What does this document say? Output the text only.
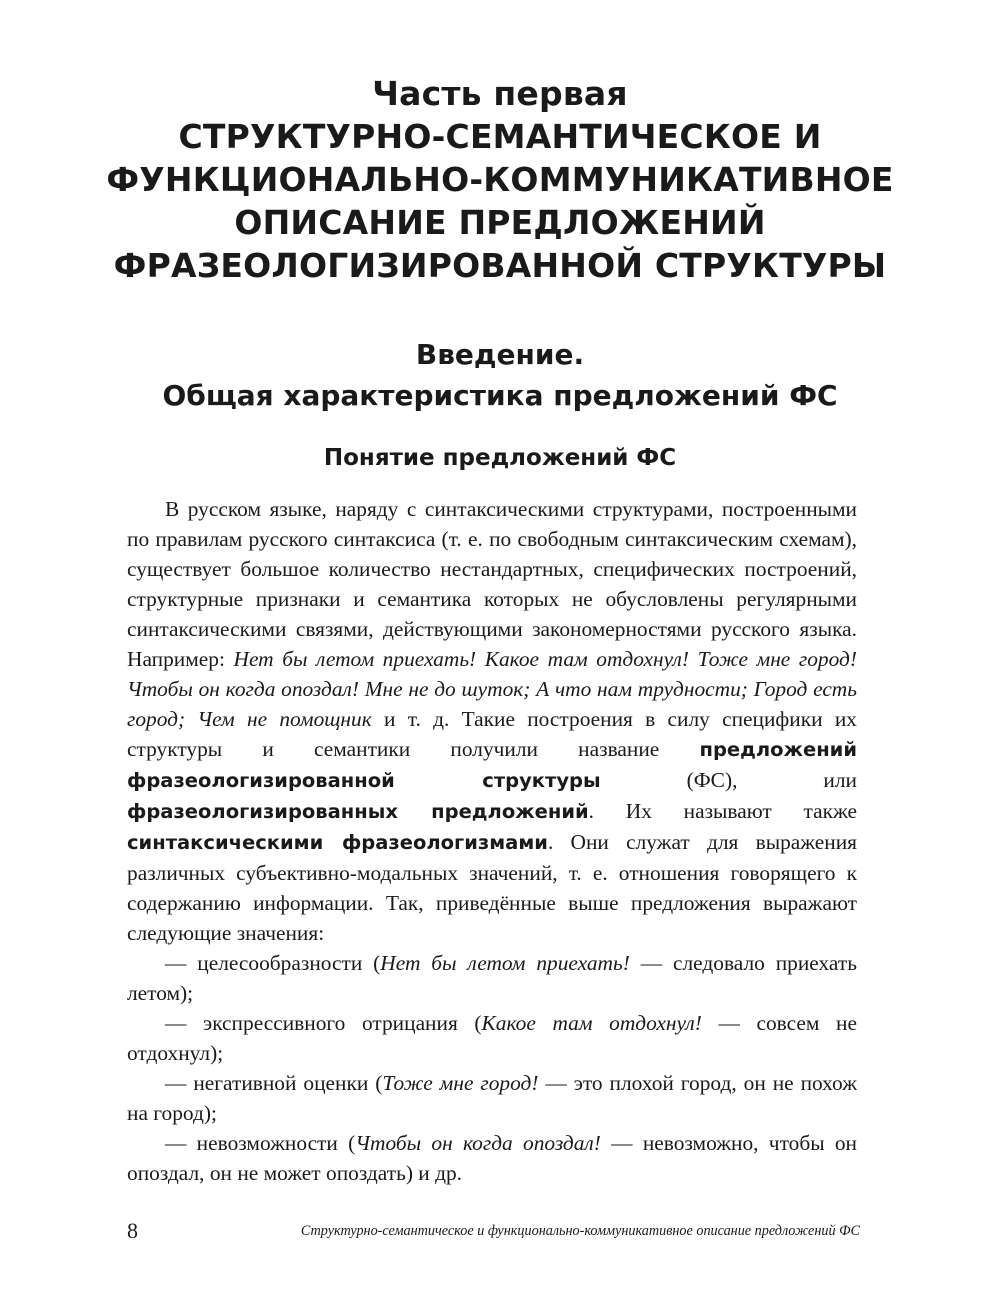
Часть первая
СТРУКТУРНО-СЕМАНТИЧЕСКОЕ И
ФУНКЦИОНАЛЬНО-КОММУНИКАТИВНОЕ
ОПИСАНИЕ ПРЕДЛОЖЕНИЙ
ФРАЗЕОЛОГИЗИРОВАННОЙ СТРУКТУРЫ
Введение.
Общая характеристика предложений ФС
Понятие предложений ФС

В русском языке, наряду с синтаксическими структурами, построенными по правилам русского синтаксиса (т. е. по свободным синтаксическим схемам), существует большое количество нестандартных, специфических построений, структурные признаки и семантика которых не обусловлены регулярными синтаксическими связями, действующими закономерностями русского языка. Например: Нет бы летом приехать! Какое там отдохнул! Тоже мне город! Чтобы он когда опоздал! Мне не до шуток; А что нам трудности; Город есть город; Чем не помощник и т. д. Такие построения в силу специфики их структуры и семантики получили название предложений фразеологизированной структуры (ФС), или фразеологизированных предложений. Их называют также синтаксическими фразеологизмами. Они служат для выражения различных субъективно-модальных значений, т. е. отношения говорящего к содержанию информации. Так, приведённые выше предложения выражают следующие значения:

— целесообразности (Нет бы летом приехать! — следовало приехать летом);

— экспрессивного отрицания (Какое там отдохнул! — совсем не отдохнул);

— негативной оценки (Тоже мне город! — это плохой город, он не похож на город);

— невозможности (Чтобы он когда опоздал! — невозможно, чтобы он опоздал, он не может опоздать) и др.

8	Структурно-семантическое и функционально-коммуникативное описание предложений ФС
